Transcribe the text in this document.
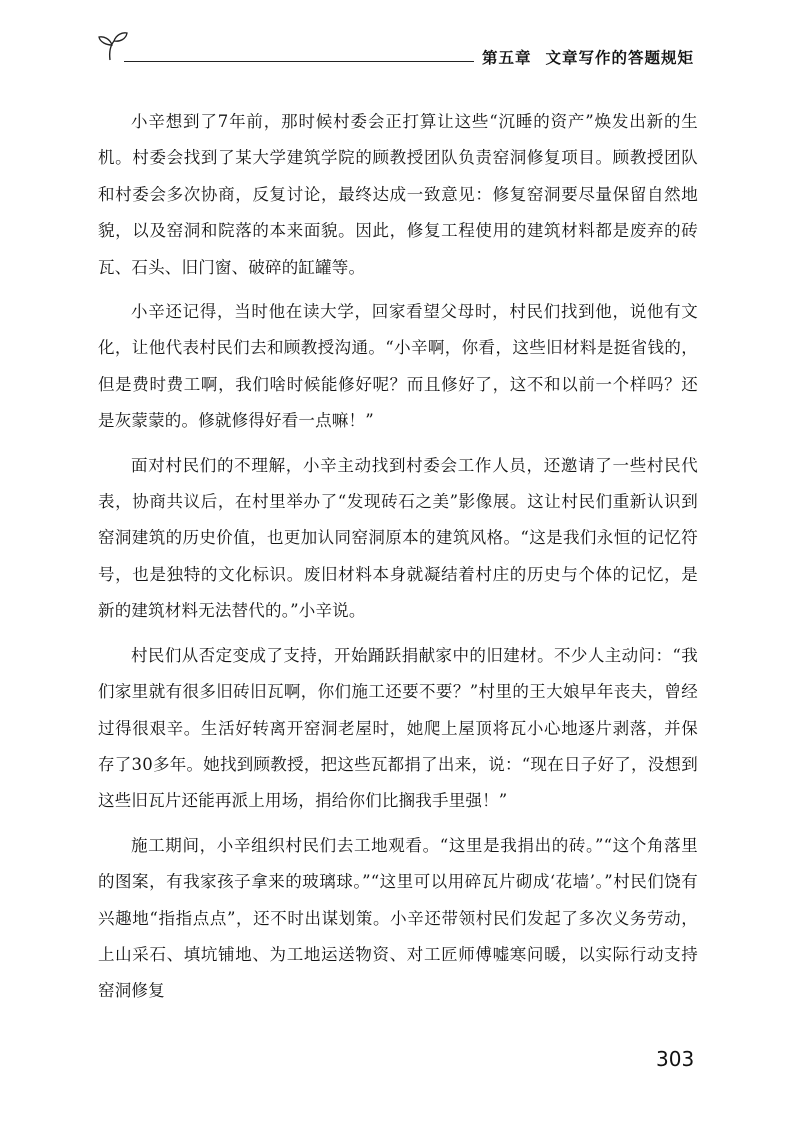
第五章 文章写作的答题规矩

小辛想到了7年前，那时候村委会正打算让这些“沉睡的资产”焕发出新的生机。村委会找到了某大学建筑学院的顾教授团队负责窑洞修复项目。顾教授团队和村委会多次协商，反复讨论，最终达成一致意见：修复窑洞要尽量保留自然地貌，以及窑洞和院落的本来面貌。因此，修复工程使用的建筑材料都是废弃的砖瓦、石头、旧门窗、破碎的缸罐等。

小辛还记得，当时他在读大学，回家看望父母时，村民们找到他，说他有文化，让他代表村民们去和顾教授沟通。“小辛啊，你看，这些旧材料是挺省钱的，但是费时费工啊，我们啥时候能修好呢？而且修好了，这不和以前一个样吗？还是灰蒙蒙的。修就修得好看一点嘛！”

面对村民们的不理解，小辛主动找到村委会工作人员，还邀请了一些村民代表，协商共议后，在村里举办了“发现砖石之美”影像展。这让村民们重新认识到窑洞建筑的历史价值，也更加认同窑洞原本的建筑风格。“这是我们永恒的记忆符号，也是独特的文化标识。废旧材料本身就凝结着村庄的历史与个体的记忆，是新的建筑材料无法替代的。”小辛说。

村民们从否定变成了支持，开始踊跃捐献家中的旧建材。不少人主动问：“我们家里就有很多旧砖旧瓦啊，你们施工还要不要？”村里的王大娘早年丧夫，曾经过得很艰辛。生活好转离开窑洞老屋时，她爬上屋顶将瓦小心地逐片剥落，并保存了30多年。她找到顾教授，把这些瓦都捐了出来，说：“现在日子好了，没想到这些旧瓦片还能再派上用场，捐给你们比搁我手里强！”

施工期间，小辛组织村民们去工地观看。“这里是我捐出的砖。”“这个角落里的图案，有我家孩子拿来的玻璃球。”“这里可以用碎瓦片砌成‘花墙’。”村民们饶有兴趣地“指指点点”，还不时出谋划策。小辛还带领村民们发起了多次义务劳动，上山采石、填坑铺地、为工地运送物资、对工匠师傅嘘寒问暖，以实际行动支持窑洞修复

303
